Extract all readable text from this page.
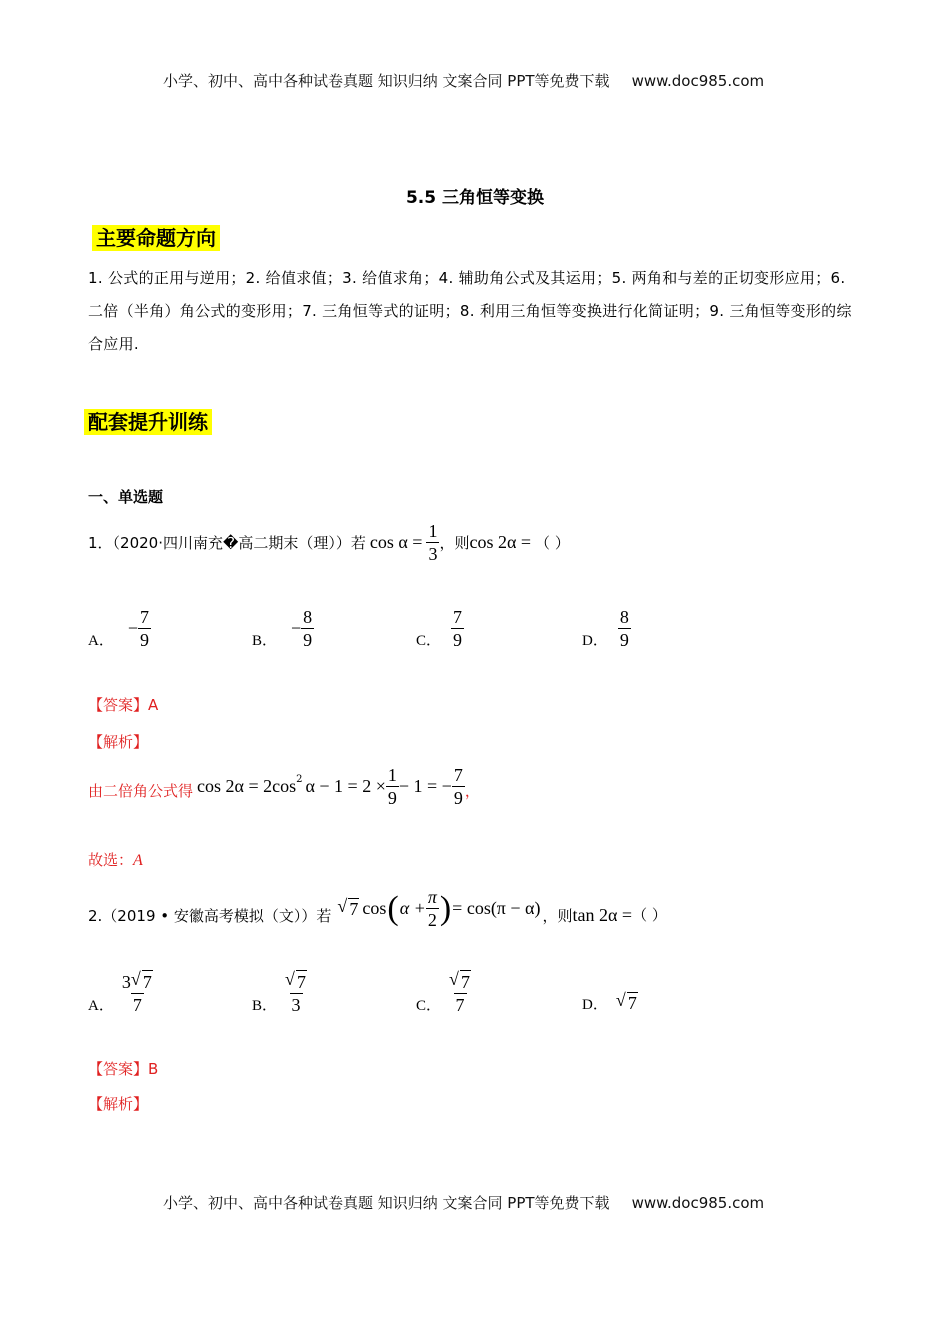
小学、初中、高中各种试卷真题 知识归纳 文案合同 PPT等免费下载 www.doc985.com
5.5 三角恒等变换
主要命题方向
1. 公式的正用与逆用；2. 给值求值；3. 给值求角；4. 辅助角公式及其运用；5. 两角和与差的正切变形应用；6. 二倍（半角）角公式的变形用；7. 三角恒等式的证明；8. 利用三角恒等变换进行化简证明；9. 三角恒等变形的综合应用.
配套提升训练
一、单选题
1．（2020·四川南充�高二期末（理））若 $\cos \alpha = \frac{1}{3}$ ，则 cos 2α = （ ）
A．
− $\frac{7}{9}$	B．
− $\frac{8}{9}$	C． $\frac{7}{9}$	D． $\frac{8}{9}$
【答案】A
【解析】
由二倍角公式得 $\cos 2\alpha = 2\cos^2$ $\alpha - 1 = 2 \times \frac{1}{9} - 1$ = − $\frac{7}{9}$ ，
故选：A
2.（2019 • 安徽高考模拟（文））若
√ 7 cos ( $\alpha + \frac{\pi}{2}$ ) = cos(π − α) ，则 tan 2α = （ ）
A． $\frac{3 √ 7}{7}$	B． $\frac{√ 7}{3}$	C． $\frac{√ 7}{7}$	D． √ 7
【答案】B
【解析】
小学、初中、高中各种试卷真题 知识归纳 文案合同 PPT等免费下载 www.doc985.com
